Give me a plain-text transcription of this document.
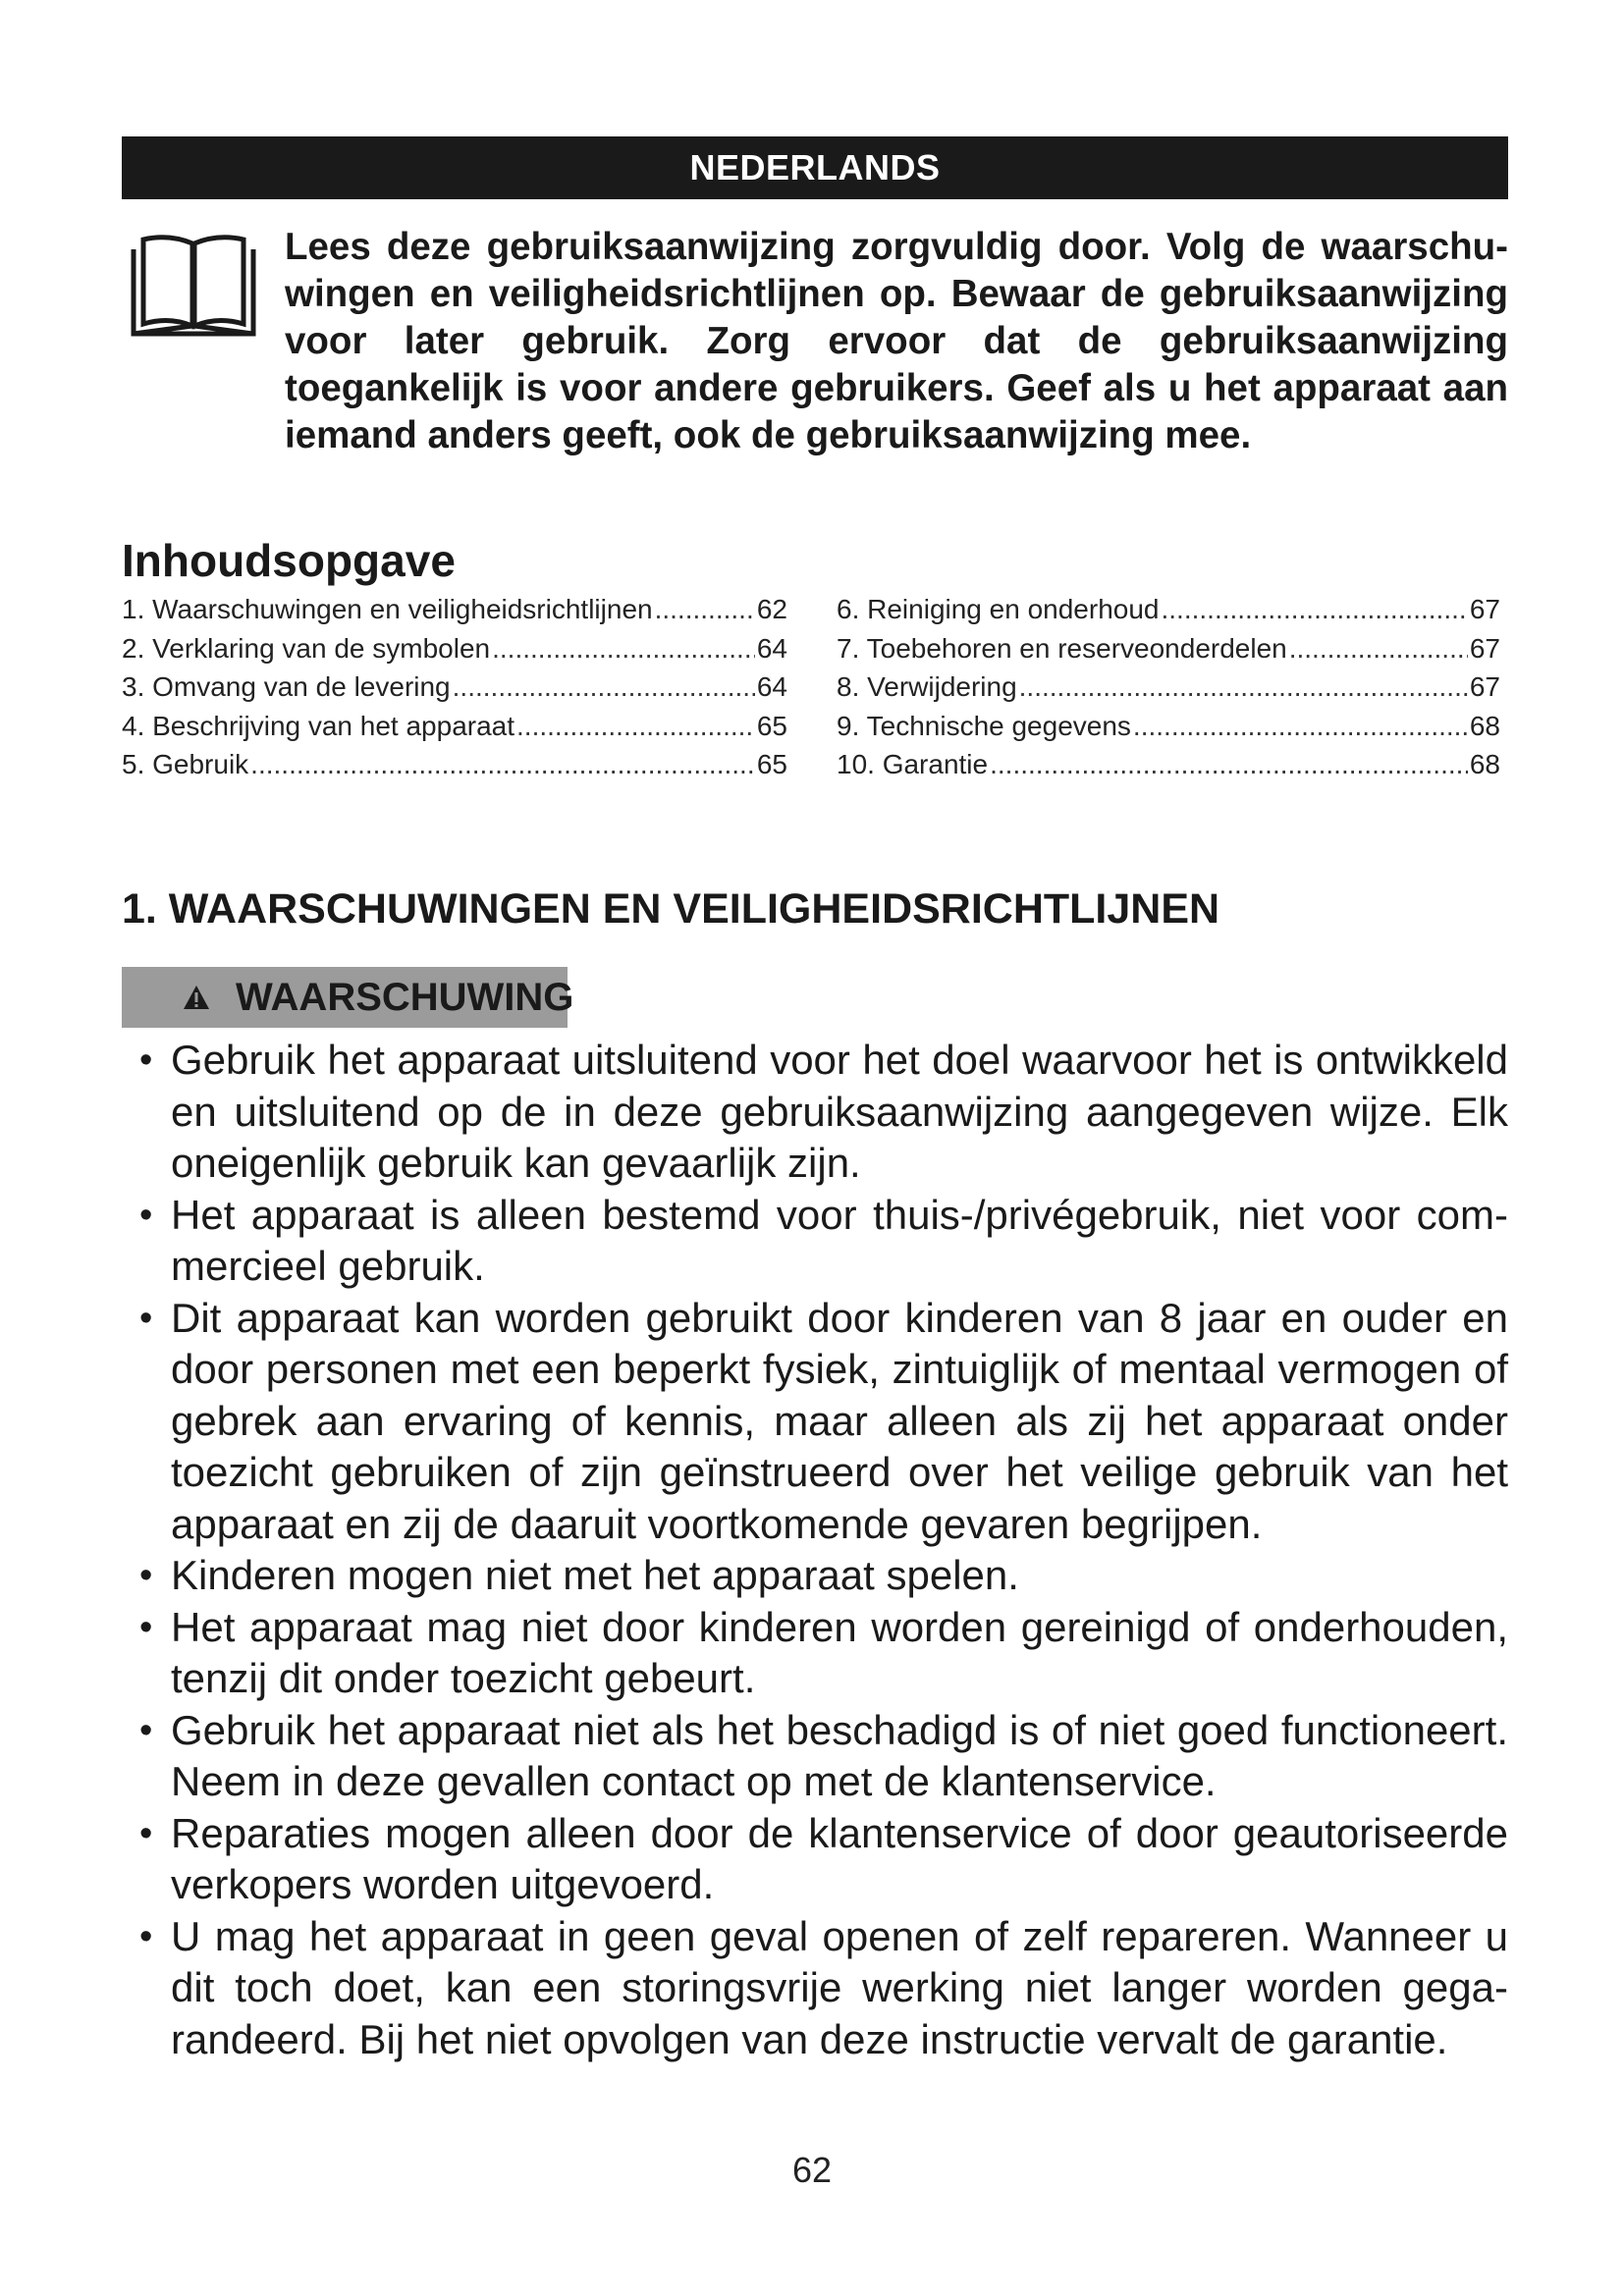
NEDERLANDS

Lees deze gebruiksaanwijzing zorgvuldig door. Volg de waarschuwingen en veiligheidsrichtlijnen op. Bewaar de gebruiksaanwijzing voor later gebruik. Zorg ervoor dat de gebruiksaanwijzing toegankelijk is voor andere gebruikers. Geef als u het apparaat aan iemand anders geeft, ook de gebruiksaanwijzing mee.

Inhoudsopgave
1. Waarschuwingen en veiligheidsrichtlijnen .....	62
2. Verklaring van de symbolen .....	64
3. Omvang van de levering .....	64
4. Beschrijving van het apparaat .....	65
5. Gebruik .....	65
6. Reiniging en onderhoud .....	67
7. Toebehoren en reserveonderdelen .....	67
8. Verwijdering .....	67
9. Technische gegevens .....	68
10. Garantie .....	68
1. WAARSCHUWINGEN EN VEILIGHEIDSRICHTLIJNEN
WAARSCHUWING
• Gebruik het apparaat uitsluitend voor het doel waarvoor het is ontwikkeld en uitsluitend op de in deze gebruiksaanwijzing aangegeven wijze. Elk oneigenlijk gebruik kan gevaarlijk zijn.
• Het apparaat is alleen bestemd voor thuis-/privégebruik, niet voor commercieel gebruik.
• Dit apparaat kan worden gebruikt door kinderen van 8 jaar en ouder en door personen met een beperkt fysiek, zintuiglijk of mentaal vermogen of gebrek aan ervaring of kennis, maar alleen als zij het apparaat onder toezicht gebruiken of zijn geïnstrueerd over het veilige gebruik van het apparaat en zij de daaruit voortkomende gevaren begrijpen.
• Kinderen mogen niet met het apparaat spelen.
• Het apparaat mag niet door kinderen worden gereinigd of onderhouden, tenzij dit onder toezicht gebeurt.
• Gebruik het apparaat niet als het beschadigd is of niet goed functioneert. Neem in deze gevallen contact op met de klantenservice.
• Reparaties mogen alleen door de klantenservice of door geautoriseerde verkopers worden uitgevoerd.
• U mag het apparaat in geen geval openen of zelf repareren. Wanneer u dit toch doet, kan een storingsvrije werking niet langer worden gegarandeerd. Bij het niet opvolgen van deze instructie vervalt de garantie.
62
